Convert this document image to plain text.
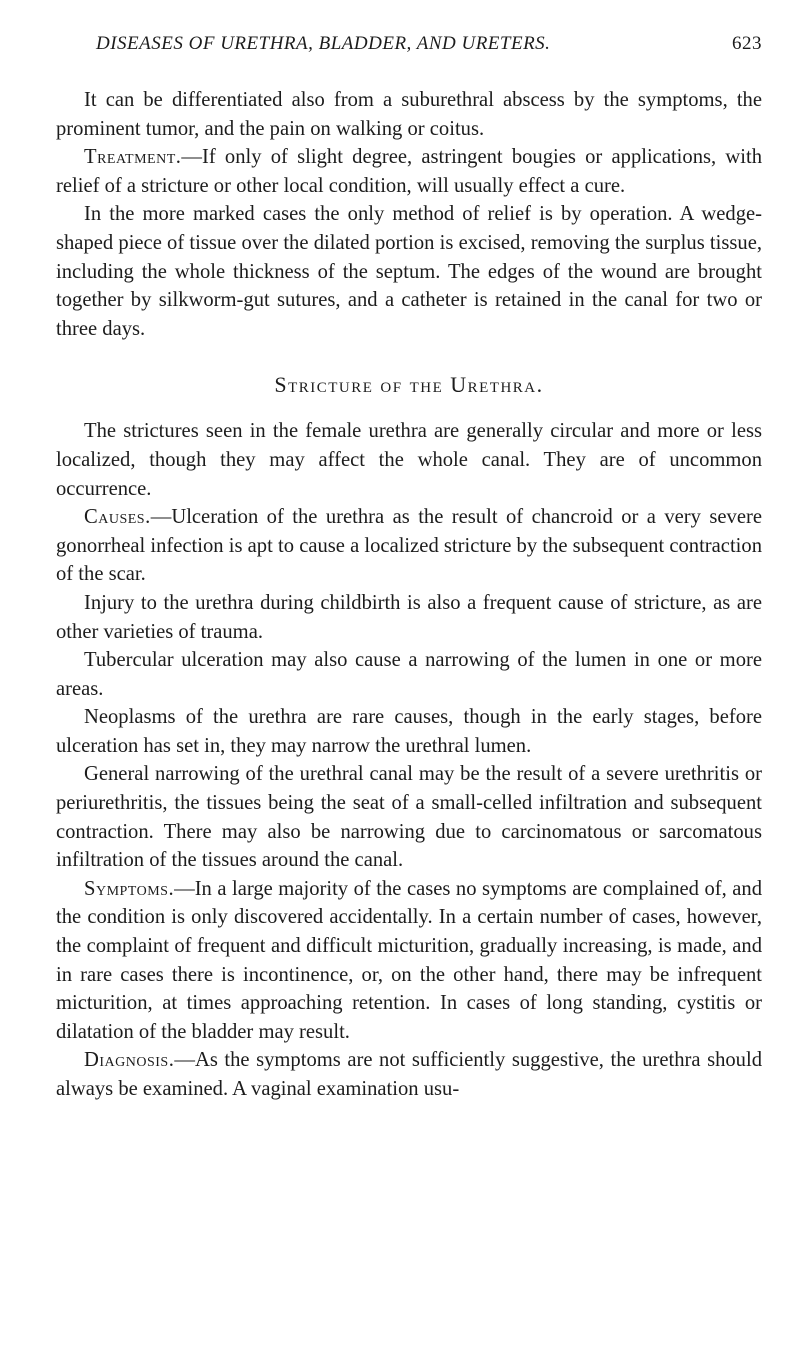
DISEASES OF URETHRA, BLADDER, AND URETERS.	623

It can be differentiated also from a suburethral abscess by the symptoms, the prominent tumor, and the pain on walking or coitus.

Treatment.—If only of slight degree, astringent bougies or applications, with relief of a stricture or other local condition, will usually effect a cure.

In the more marked cases the only method of relief is by operation. A wedge-shaped piece of tissue over the dilated portion is excised, removing the surplus tissue, including the whole thickness of the septum. The edges of the wound are brought together by silkworm-gut sutures, and a catheter is retained in the canal for two or three days.

Stricture of the Urethra.

The strictures seen in the female urethra are generally circular and more or less localized, though they may affect the whole canal. They are of uncommon occurrence.

Causes.—Ulceration of the urethra as the result of chancroid or a very severe gonorrheal infection is apt to cause a localized stricture by the subsequent contraction of the scar.

Injury to the urethra during childbirth is also a frequent cause of stricture, as are other varieties of trauma.

Tubercular ulceration may also cause a narrowing of the lumen in one or more areas.

Neoplasms of the urethra are rare causes, though in the early stages, before ulceration has set in, they may narrow the urethral lumen.

General narrowing of the urethral canal may be the result of a severe urethritis or periurethritis, the tissues being the seat of a small-celled infiltration and subsequent contraction. There may also be narrowing due to carcinomatous or sarcomatous infiltration of the tissues around the canal.

Symptoms.—In a large majority of the cases no symptoms are complained of, and the condition is only discovered accidentally. In a certain number of cases, however, the complaint of frequent and difficult micturition, gradually increasing, is made, and in rare cases there is incontinence, or, on the other hand, there may be infrequent micturition, at times approaching retention. In cases of long standing, cystitis or dilatation of the bladder may result.

Diagnosis.—As the symptoms are not sufficiently suggestive, the urethra should always be examined. A vaginal examination usu-
